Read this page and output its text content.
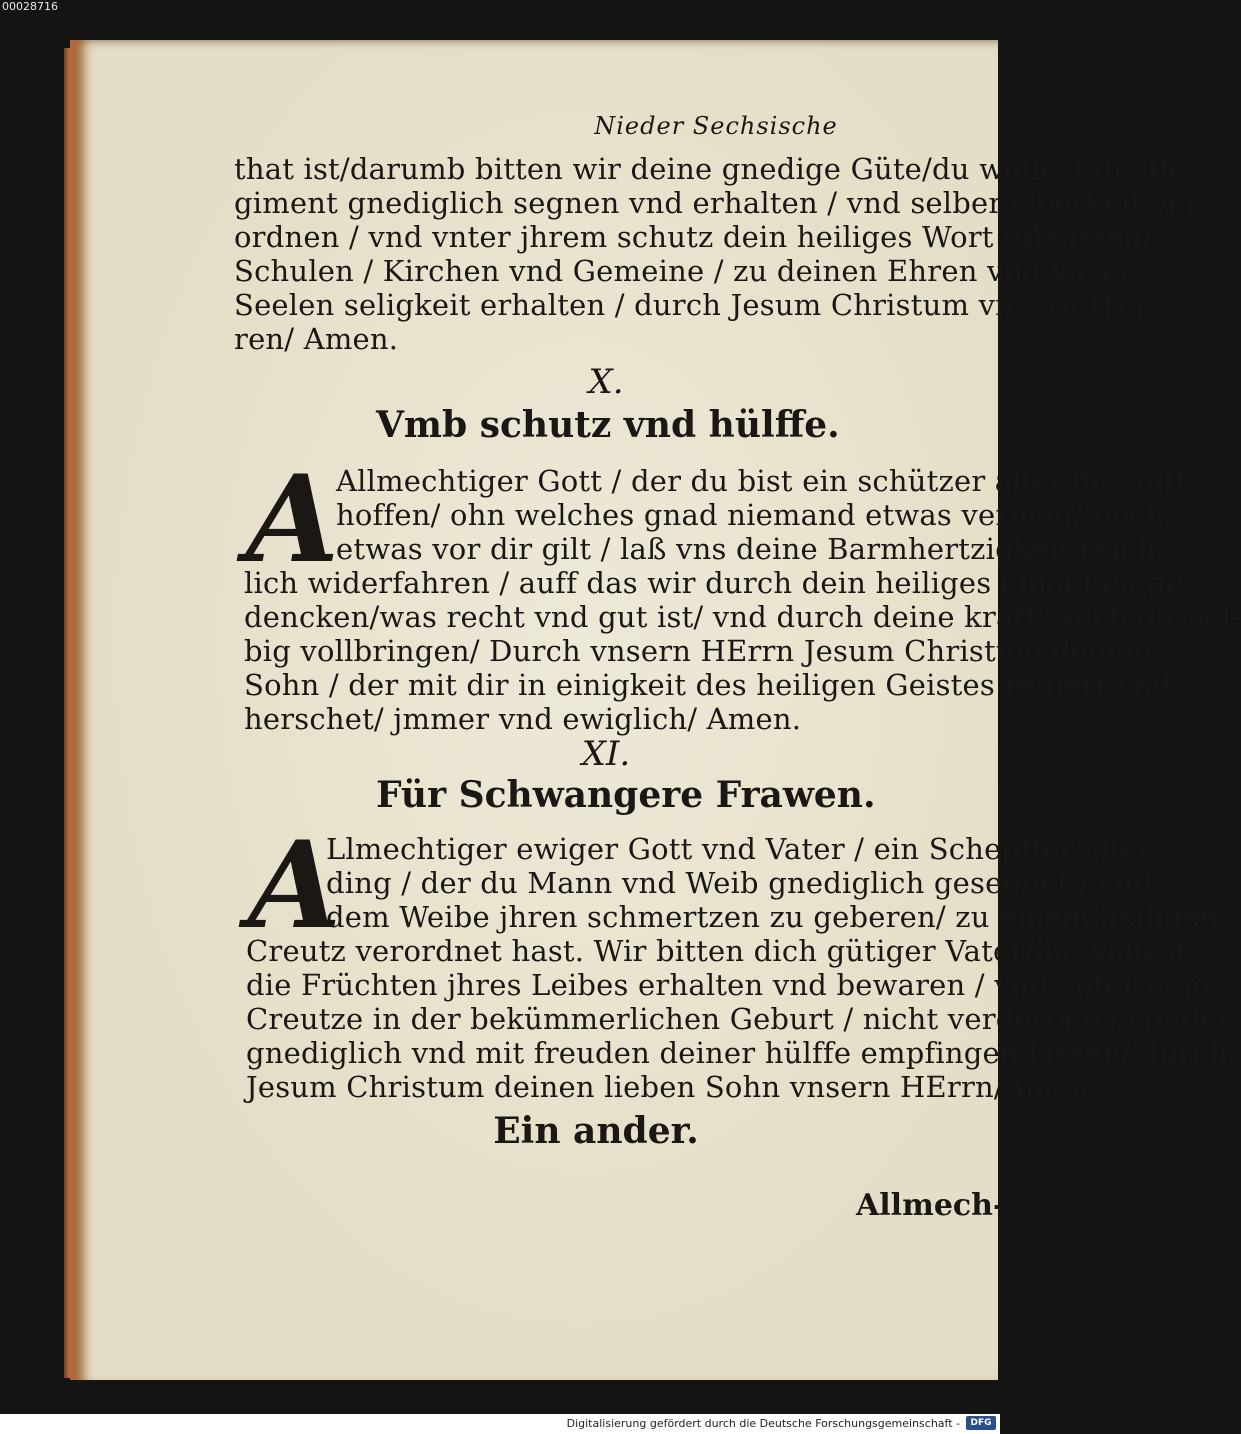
00028716
Nieder Sechsische
that ist/darumb bitten wir deine gnedige Güte/du wöllest dis Re-
giment gnediglich segnen vnd erhalten / vnd selber Öberkeit ver-
ordnen / vnd vnter jhrem schutz dein heiliges Wort pflantzen/
Schulen / Kirchen vnd Gemeine / zu deinen Ehren vnd vnser
Seelen seligkeit erhalten / durch Jesum Christum vnsern HEr-
ren/ Amen.
X.
Vmb schutz vnd hülffe.
A
Allmechtiger Gott / der du bist ein schützer aller die auff
hoffen/ ohn welches gnad niemand etwas vermag/ noch
etwas vor dir gilt / laß vns deine Barmhertzigkeit reich-
lich widerfahren / auff das wir durch dein heiliges eingeben ge-
dencken/was recht vnd gut ist/ vnd durch deine krafft auch dassel-
big vollbringen/ Durch vnsern HErrn Jesum Christum deinen
Sohn / der mit dir in einigkeit des heiligen Geistes regiert vnd
herschet/ jmmer vnd ewiglich/ Amen.
XI.
Für Schwangere Frawen.
A
Llmechtiger ewiger Gott vnd Vater / ein Schepffer aller
ding / der du Mann vnd Weib gnediglich gesegnet / vnd
dem Weibe jhren schmertzen zu geberen/ zu einem heiligen
Creutz verordnet hast. Wir bitten dich gütiger Vater/du wöllest
die Früchten jhres Leibes erhalten vnd bewaren / vnd vnter dem
Creutze in der bekümmerlichen Geburt / nicht verderben / sonder
gnediglich vnd mit freuden deiner hülffe empfingen lassen/ durch
Jesum Christum deinen lieben Sohn vnsern HErrn/Amen.
Ein ander.
Allmech-
Digitalisierung gefördert durch die Deutsche Forschungsgemeinschaft -	DFG
